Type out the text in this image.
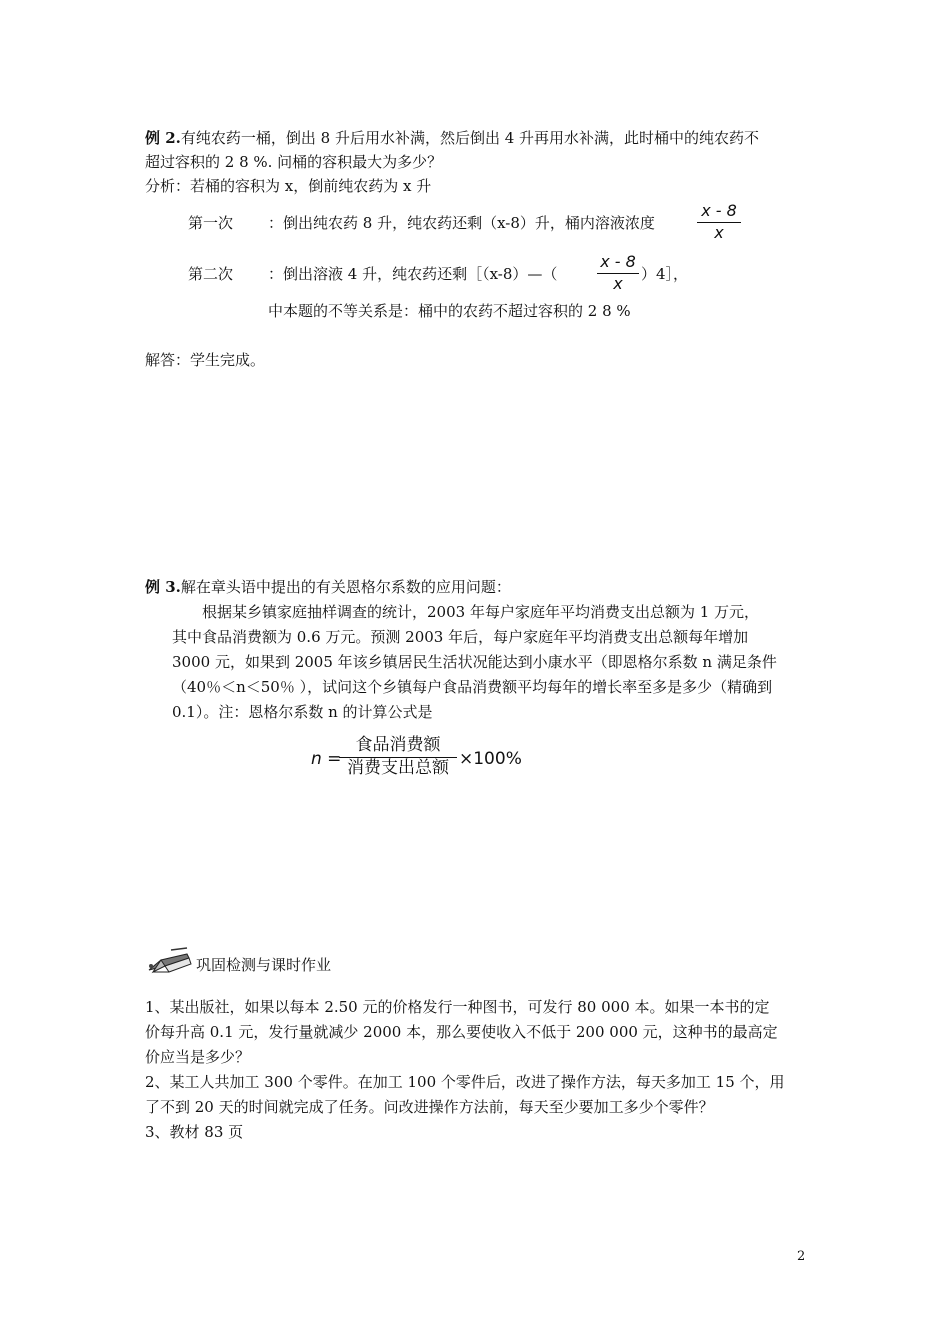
例 2.有纯农药一桶，倒出 8 升后用水补满，然后倒出 4 升再用水补满，此时桶中的纯农药不
超过容积的 2 8 %. 问桶的容积最大为多少？
分析：若桶的容积为 x，倒前纯农药为 x 升
第一次 ：倒出纯农药 8 升，纯农药还剩（x-8）升，桶内溶液浓度
x - 8
x
第二次 ：倒出溶液 4 升，纯农药还剩［（x-8）—（
x - 8
x	）4］，
中本题的不等关系是：桶中的农药不超过容积的 2 8 %
解答：学生完成。
例 3.解在章头语中提出的有关恩格尔系数的应用问题：
根据某乡镇家庭抽样调查的统计，2003 年每户家庭年平均消费支出总额为 1 万元，
其中食品消费额为 0.6 万元。预测 2003 年后，每户家庭年平均消费支出总额每年增加
3000 元，如果到 2005 年该乡镇居民生活状况能达到小康水平（即恩格尔系数 n 满足条件
（40％＜n＜50％ ），试问这个乡镇每户食品消费额平均每年的增长率至多是多少（精确到
0.1）。注：恩格尔系数 n 的计算公式是
n =
食品消费额
消费支出总额 ×100%
巩固检测与课时作业
1、某出版社，如果以每本 2.50 元的价格发行一种图书，可发行 80 000 本。如果一本书的定
价每升高 0.1 元，发行量就减少 2000 本，那么要使收入不低于 200 000 元，这种书的最高定
价应当是多少？
2、某工人共加工 300 个零件。在加工 100 个零件后，改进了操作方法，每天多加工 15 个，用
了不到 20 天的时间就完成了任务。问改进操作方法前，每天至少要加工多少个零件？
3、教材 83 页
2
